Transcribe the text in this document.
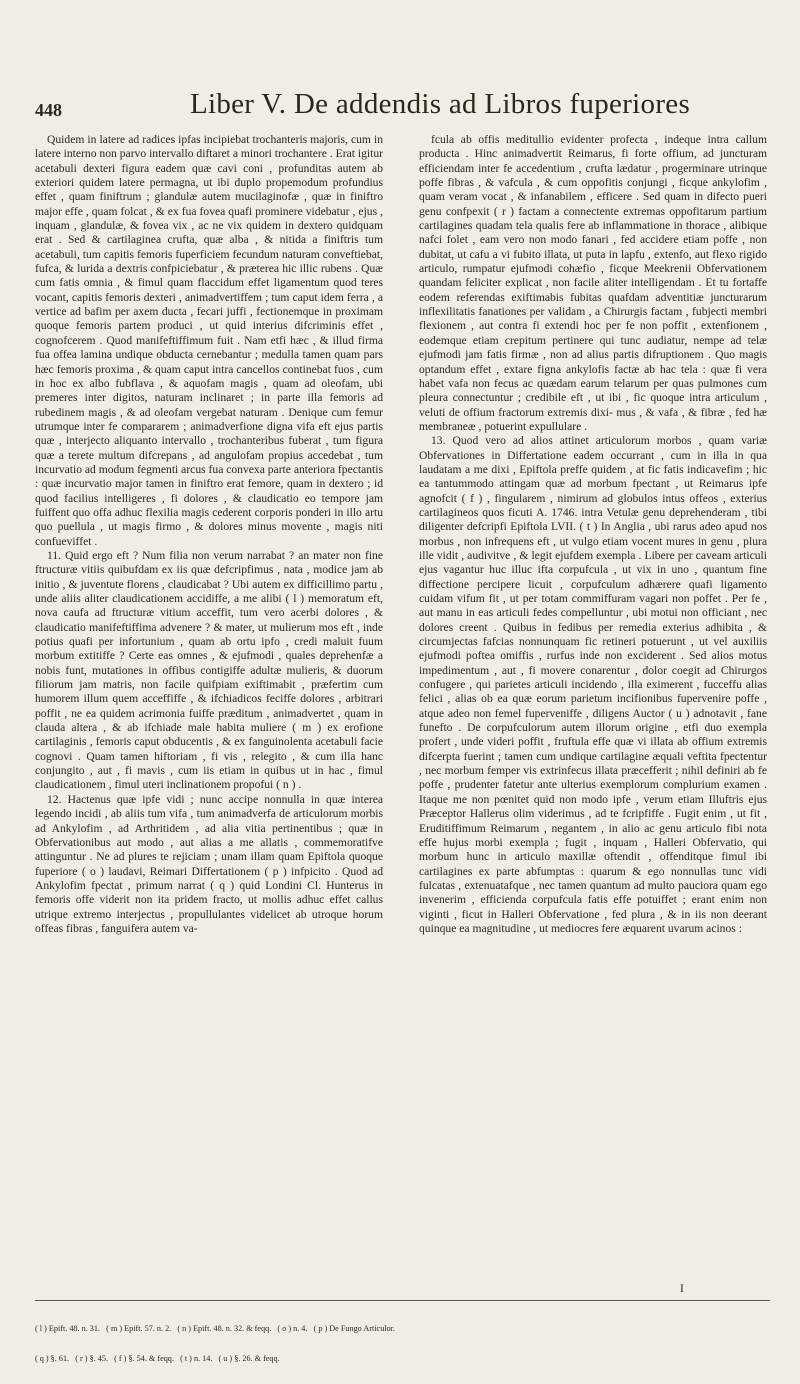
448	Liber V. De addendis ad Libros fuperiores

Quidem in latere ad radices ipfas incipiebat trochanteris majoris, cum in latere interno non parvo intervallo diftaret a minori trochantere . Erat igitur acetabuli dexteri figura eadem quæ cavi coni , profunditas autem ab exteriori quidem latere permagna, ut ibi duplo propemodum profundius effet , quam finiftrum ; glandulæ autem mucilaginofæ , quæ in finiftro major effe , quam folcat , & ex fua fovea quafi prominere videbatur , ejus , inquam , glandulæ, & fovea vix , ac ne vix quidem in dextero quidquam erat . Sed & cartilaginea crufta, quæ alba , & nitida a finiftris tum acetabuli, tum capitis femoris fuperficiem fecundum naturam conveftiebat, fufca, & lurida a dextris confpiciebatur , & præterea hic illic rubens . Quæ cum fatis omnia , & fimul quam flaccidum effet ligamentum quod teres vocant, capitis femoris dexteri , animadvertiffem ; tum caput idem ferra , a vertice ad bafim per axem ducta , fecari juffi , fectionemque in proximam quoque femoris partem produci , ut quid interius difcriminis effet , cognofcerem . Quod manifeftiffimum fuit . Nam etfi hæc , & illud firma fua offea lamina undique obducta cernebantur ; medulla tamen quam pars hæc femoris proxima , & quam caput intra cancellos continebat fuos , cum in hoc ex albo fubflava , & aquofam magis , quam ad oleofam, ubi premeres inter digitos, naturam inclinaret ; in parte illa femoris ad rubedinem magis , & ad oleofam vergebat naturam . Denique cum femur utrumque inter fe compararem ; animadverfione digna vifa eft ejus partis quæ , interjecto aliquanto intervallo , trochanteribus fuberat , tum figura quæ a terete multum difcrepans , ad angulofam propius accedebat , tum incurvatio ad modum fegmenti arcus fua convexa parte anteriora fpectantis : quæ incurvatio major tamen in finiftro erat femore, quam in dextero ; id quod facilius intelligeres , fi dolores , & claudicatio eo tempore jam fuiffent quo offa adhuc flexilia magis cederent corporis ponderi in illo artu quo puellula , ut magis firmo , & dolores minus movente , magis niti confueviffet .

11. Quid ergo eft ? Num filia non verum narrabat ? an mater non fine ftructuræ vitiis quibufdam ex iis quæ defcripfimus , nata , modice jam ab initio , & juventute florens , claudicabat ? Ubi autem ex difficillimo partu , unde aliis aliter claudicationem accidiffe, a me alibi ( l ) memoratum eft, nova caufa ad ftructuræ vitium acceffit, tum vero acerbi dolores , & claudicatio manifeftiffima advenere ? & mater, ut mulierum mos eft , inde potius quafi per infortunium , quam ab ortu ipfo , credi maluit fuum morbum extitiffe ? Certe eas omnes , & ejufmodi , quales deprehenfæ a nobis funt, mutationes in offibus contigiffe adultæ mulieris, & duorum filiorum jam matris, non facile quifpiam exiftimabit , præfertim cum humorem illum quem acceffiffe , & ifchiadicos feciffe dolores , arbitrari poffit , ne ea quidem acrimonia fuiffe præditum , animadvertet , quam in clauda altera , & ab ifchiade male habita muliere ( m ) ex erofione cartilaginis , femoris caput obducentis , & ex fanguinolenta acetabuli facie cognovi . Quam tamen hiftoriam , fi vis , relegito , & cum illa hanc conjungito , aut , fi mavis , cum iis etiam in quibus ut in hac , fimul claudicationem , fimul uteri inclinationem propofui ( n ) .

12. Hactenus quæ ipfe vidi ; nunc accipe nonnulla in quæ interea legendo incidi , ab aliis tum vifa , tum animadverfa de articulorum morbis ad Ankylofim , ad Arthritidem , ad alia vitia pertinentibus ; quæ in Obfervationibus aut modo , aut alias a me allatis , commemoratifve attinguntur . Ne ad plures te rejiciam ; unam illam quam Epiftola quoque fuperiore ( o ) laudavi, Reimari Differtationem ( p ) infpicito . Quod ad Ankylofim fpectat , primum narrat ( q ) quid Londini Cl. Hunterus in femoris offe viderit non ita pridem fracto, ut mollis adhuc effet callus utrique extremo interjectus , propullulantes videlicet ab utroque horum offeas fibras , fanguifera autem va-

fcula ab offis meditullio evidenter profecta , indeque intra callum producta . Hinc animadvertit Reimarus, fi forte offium, ad juncturam efficiendam inter fe accedentium , crufta lædatur , progerminare utrinque poffe fibras , & vafcula , & cum oppofitis conjungi , ficque ankylofim , quam veram vocat , & infanabilem , efficere . Sed quam in difecto pueri genu confpexit ( r ) factam a connectente extremas oppofitarum partium cartilagines quadam tela qualis fere ab inflammatione in thorace , alibique nafci folet , eam vero non modo fanari , fed accidere etiam poffe , non dubitat, ut cafu a vi fubito illata, ut puta in lapfu , extenfo, aut flexo rigido articulo, rumpatur ejufmodi cohæfio , ficque Meekrenii Obfervationem quandam feliciter explicat , non facile aliter intelligendam . Et tu fortaffe eodem referendas exiftimabis fubitas quafdam adventitiæ juncturarum inflexilitatis fanationes per validam , a Chirurgis factam , fubjecti membri flexionem , aut contra fi extendi hoc per fe non poffit , extenfionem , eodemque etiam crepitum pertinere qui tunc audiatur, nempe ad telæ ejufmodi jam fatis firmæ , non ad alius partis difruptionem . Quo magis optandum effet , extare figna ankylofis factæ ab hac tela : quæ fi vera habet vafa non fecus ac quædam earum telarum per quas pulmones cum pleura connectuntur ; credibile eft , ut ibi , fic quoque intra articulum , veluti de offium fractorum extremis dixi- mus , & vafa , & fibræ , fed hæ membraneæ , potuerint expullulare .

13. Quod vero ad alios attinet articulorum morbos , quam variæ Obfervationes in Differtatione eadem occurrant , cum in illa in qua laudatam a me dixi , Epiftola preffe quidem , at fic fatis indicavefim ; hic ea tantummodo attingam quæ ad morbum fpectant , ut Reimarus ipfe agnofcit ( f ) , fingularem , nimirum ad globulos intus offeos , exterius cartilagineos quos ficuti A. 1746. intra Vetulæ genu deprehenderam , tibi diligenter defcripfi Epiftola LVII. ( t ) In Anglia , ubi rarus adeo apud nos morbus , non infrequens eft , ut vulgo etiam vocent mures in genu , plura ille vidit , audivitve , & legit ejufdem exempla . Libere per caveam articuli ejus vagantur huc illuc ifta corpufcula , ut vix in uno , quantum fine diffectione percipere licuit , corpufculum adhærere quafi ligamento cuidam vifum fit , ut per totam commiffuram vagari non poffet . Per fe , aut manu in eas articuli fedes compelluntur , ubi motui non officiant , nec dolores creent . Quibus in fedibus per remedia exterius adhibita , & circumjectas fafcias nonnunquam fic retineri potuerunt , ut vel auxiliis ejufmodi poftea omiffis , rurfus inde non exciderent . Sed alios motus impedimentum , aut , fi movere conarentur , dolor coegit ad Chirurgos confugere , qui parietes articuli incidendo , illa eximerent , fucceffu alias felici , alias ob ea quæ eorum parietum incifionibus fupervenire poffe , atque adeo non femel fuperveniffe , diligens Auctor ( u ) adnotavit , fane funefto . De corpufculorum autem illorum origine , etfi duo exempla profert , unde videri poffit , fruftula effe quæ vi illata ab offium extremis difcerpta fuerint ; tamen cum undique cartilagine æquali veftita fpectentur , nec morbum femper vis extrinfecus illata præcefferit ; nihil definiri ab fe poffe , prudenter fatetur ante ulterius exemplorum complurium examen . Itaque me non pœnitet quid non modo ipfe , verum etiam Illuftris ejus Præceptor Hallerus olim viderimus , ad te fcripfiffe . Fugit enim , ut fit , Eruditiffimum Reimarum , negantem , in alio ac genu articulo fibi nota effe hujus morbi exempla ; fugit , inquam , Halleri Obfervatio, qui morbum hunc in articulo maxillæ oftendit , offenditque fimul ibi cartilagines ex parte abfumptas : quarum & ego nonnullas tunc vidi fulcatas , extenuatafque , nec tamen quantum ad multo pauciora quam ego invenerim , efficienda corpufcula fatis effe potuiffet ; erant enim non viginti , ficut in Halleri Obfervatione , fed plura , & in iis non deerant quinque ea magnitudine , ut mediocres fere æquarent uvarum acinos :

I

( l ) Epift. 48. n. 31.   ( m ) Epift. 57. n. 2.   ( n ) Epift. 48. n. 32. & feqq.   ( o ) n. 4.   ( p ) De Fungo Articulor.

( q ) §. 61.   ( r ) §. 45.   ( f ) §. 54. & feqq.   ( t ) n. 14.   ( u ) §. 26. & feqq.
